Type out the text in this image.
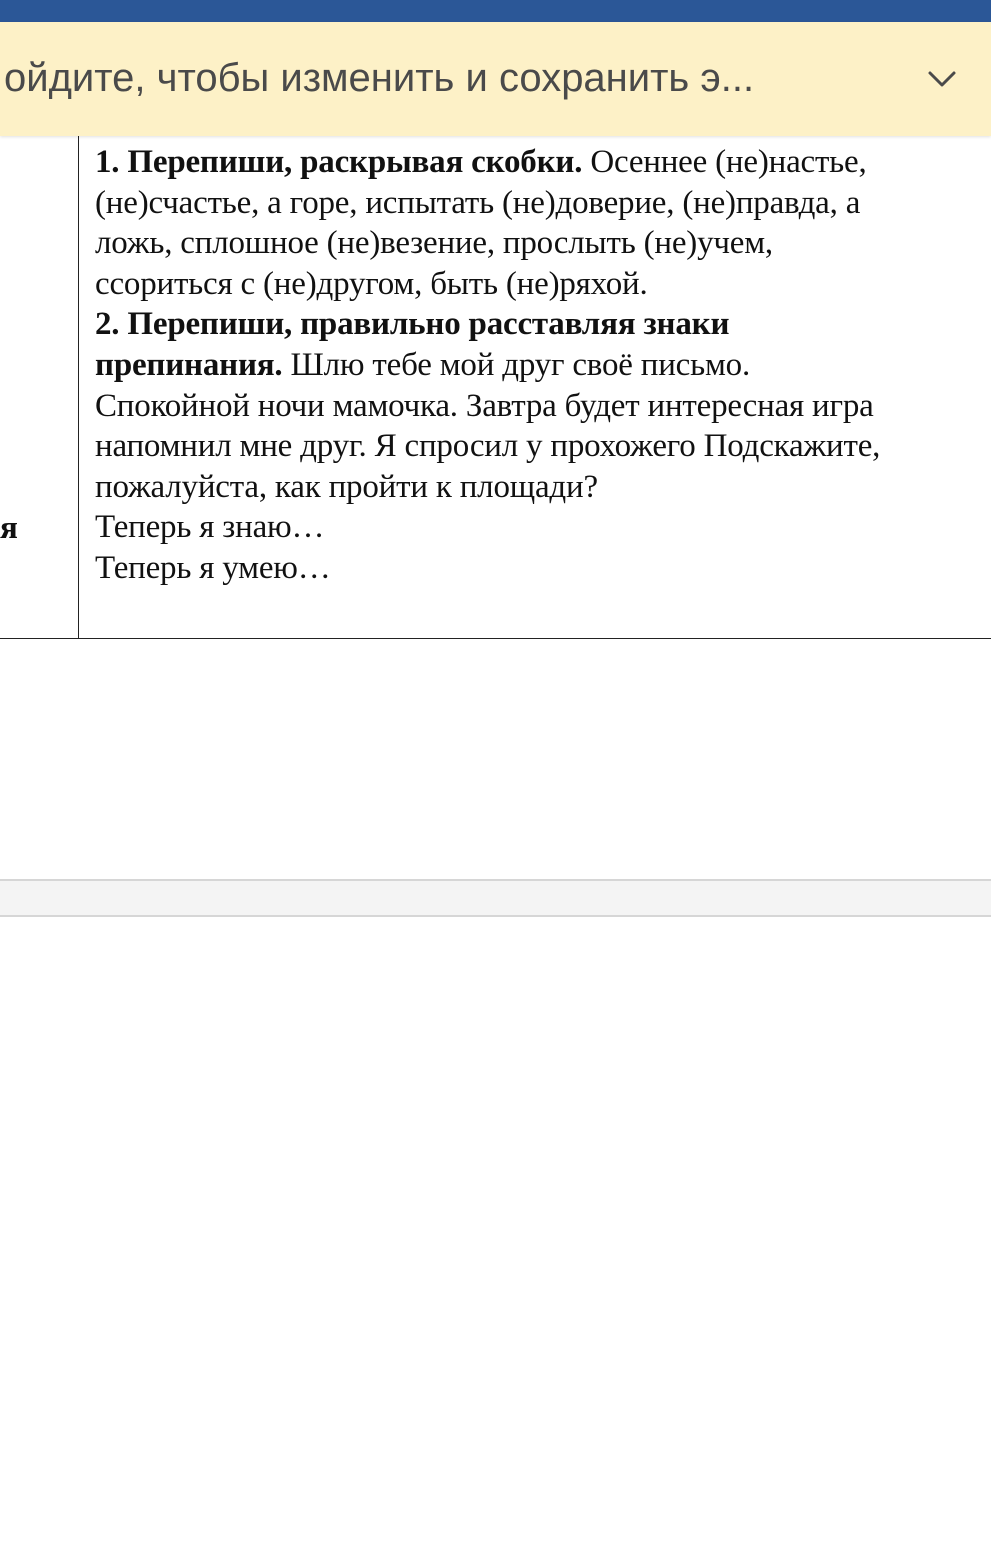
ойдите, чтобы изменить и сохранить э...
я
1. Перепиши, раскрывая скобки. Осеннее (не)настье,
(не)счастье, а горе, испытать (не)доверие, (не)правда, а
ложь, сплошное (не)везение, прослыть (не)учем,
ссориться с (не)другом, быть (не)ряхой.
2. Перепиши, правильно расставляя знаки
препинания. Шлю тебе мой друг своё письмо.
Спокойной ночи мамочка. Завтра будет интересная игра
напомнил мне друг. Я спросил у прохожего Подскажите,
пожалуйста, как пройти к площади?
Теперь я знаю…
Теперь я умею…
